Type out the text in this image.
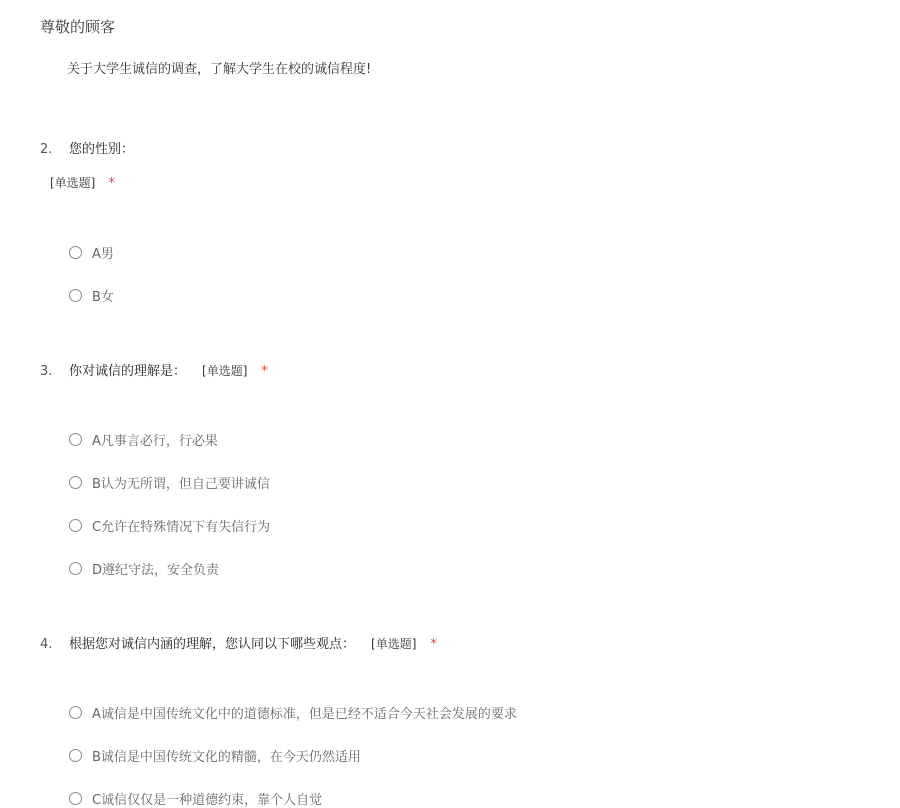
尊敬的顾客
关于大学生诚信的调查，了解大学生在校的诚信程度!
2. 您的性别：
[单选题] *
A男
B女
3. 你对诚信的理解是： [单选题] *
A凡事言必行，行必果
B认为无所谓，但自己要讲诚信
C允许在特殊情况下有失信行为
D遵纪守法，安全负责
4. 根据您对诚信内涵的理解，您认同以下哪些观点： [单选题] *
A诚信是中国传统文化中的道德标准，但是已经不适合今天社会发展的要求
B诚信是中国传统文化的精髓，在今天仍然适用
C诚信仅仅是一种道德约束，靠个人自觉
